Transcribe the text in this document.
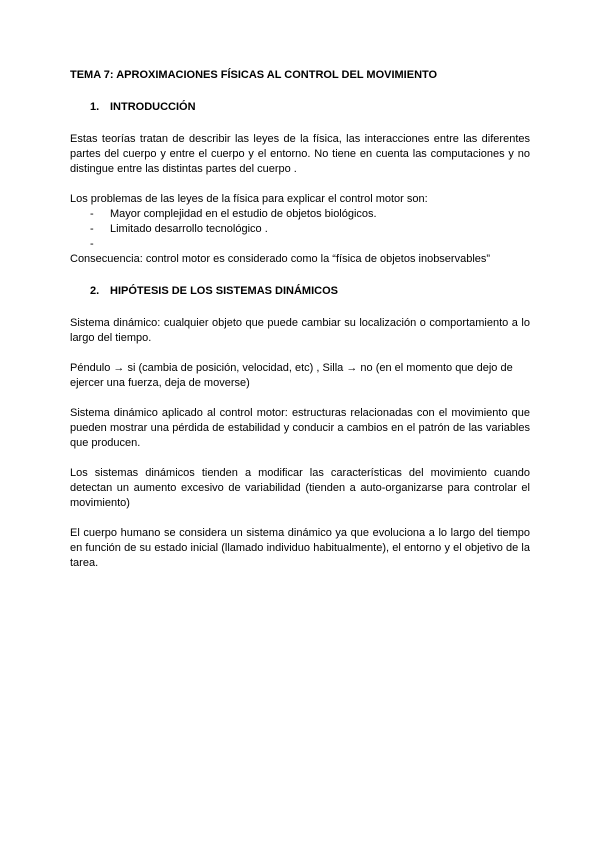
TEMA 7: APROXIMACIONES FÍSICAS AL CONTROL DEL MOVIMIENTO
1. INTRODUCCIÓN

Estas teorías tratan de describir las leyes de la física, las interacciones entre las diferentes partes del cuerpo y entre el cuerpo y el entorno. No tiene en cuenta las computaciones y no distingue entre las distintas partes del cuerpo .

Los problemas de las leyes de la física para explicar el control motor son:

-	Mayor complejidad en el estudio de objetos biológicos.
-	Limitado desarrollo tecnológico .
-

Consecuencia: control motor es considerado como la “física de objetos inobservables”

2. HIPÓTESIS DE LOS SISTEMAS DINÁMICOS

Sistema dinámico: cualquier objeto que puede cambiar su localización o comportamiento a lo largo del tiempo.

Péndulo → si (cambia de posición, velocidad, etc) , Silla → no (en el momento que dejo de ejercer una fuerza, deja de moverse)

Sistema dinámico aplicado al control motor: estructuras relacionadas con el movimiento que pueden mostrar una pérdida de estabilidad y conducir a cambios en el patrón de las variables que producen.

Los sistemas dinámicos tienden a modificar las características del movimiento cuando detectan un aumento excesivo de variabilidad (tienden a auto-organizarse para controlar el movimiento)

El cuerpo humano se considera un sistema dinámico ya que evoluciona a lo largo del tiempo en función de su estado inicial (llamado individuo habitualmente), el entorno y el objetivo de la tarea.
